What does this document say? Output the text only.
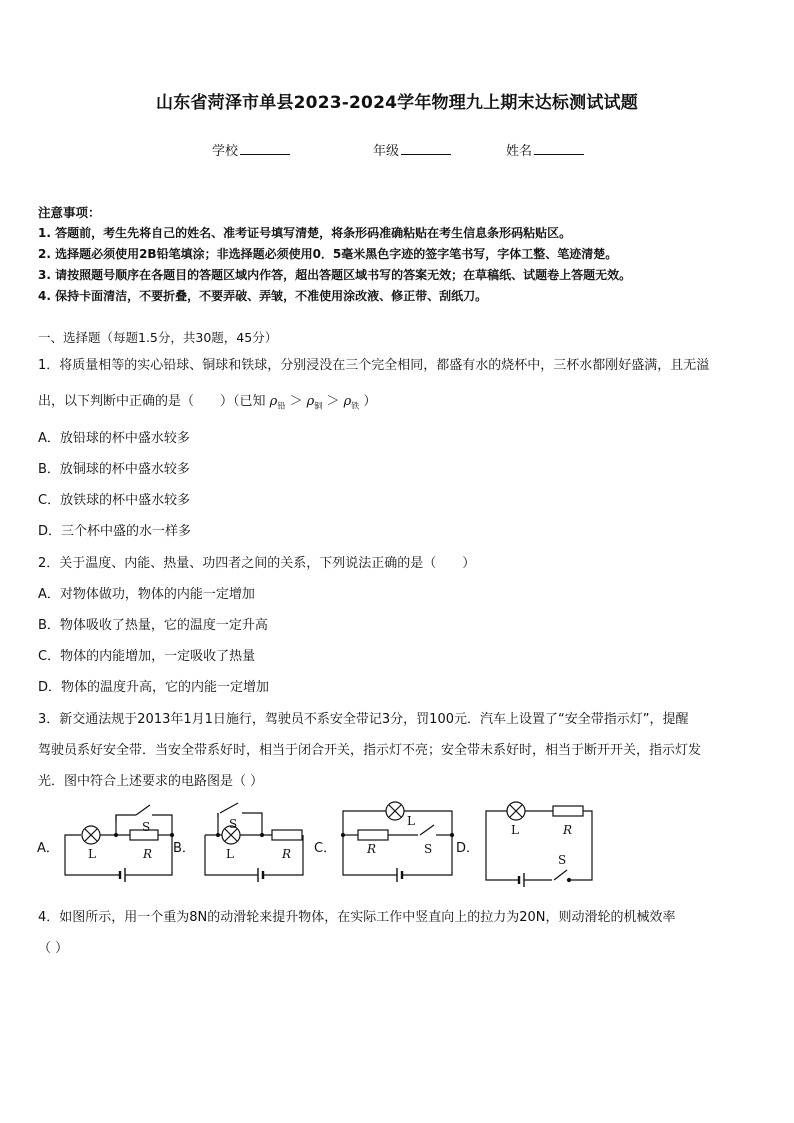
山东省菏泽市单县2023-2024学年物理九上期末达标测试试题
学校	年级	姓名
注意事项：
1. 答题前，考生先将自己的姓名、准考证号填写清楚，将条形码准确粘贴在考生信息条形码粘贴区。
2. 选择题必须使用2B铅笔填涂；非选择题必须使用0．5毫米黑色字迹的签字笔书写，字体工整、笔迹清楚。
3. 请按照题号顺序在各题目的答题区域内作答，超出答题区域书写的答案无效；在草稿纸、试题卷上答题无效。
4. 保持卡面清洁，不要折叠，不要弄破、弄皱，不准使用涂改液、修正带、刮纸刀。
一、选择题（每题1.5分，共30题，45分）
1．将质量相等的实心铅球、铜球和铁球，分别浸没在三个完全相同，都盛有水的烧杯中，三杯水都刚好盛满，且无溢
出，以下判断中正确的是（　　）（已知 $\rho_铅 > \rho_铜 > \rho_铁$ ）
A．放铅球的杯中盛水较多
B．放铜球的杯中盛水较多
C．放铁球的杯中盛水较多
D．三个杯中盛的水一样多
2．关于温度、内能、热量、功四者之间的关系，下列说法正确的是（　　）
A．对物体做功，物体的内能一定增加
B．物体吸收了热量，它的温度一定升高
C．物体的内能增加，一定吸收了热量
D．物体的温度升高，它的内能一定增加
3．新交通法规于2013年1月1日施行，驾驶员不系安全带记3分，罚100元．汽车上设置了“安全带指示灯”，提醒
驾驶员系好安全带．当安全带系好时，相当于闭合开关，指示灯不亮；安全带未系好时，相当于断开开关，指示灯发
光．图中符合上述要求的电路图是（ ）
A．	B．	C．	D．
L	R
S	S
L	R
L
R	S
L	R
S
4．如图所示，用一个重为8N的动滑轮来提升物体，在实际工作中竖直向上的拉力为20N，则动滑轮的机械效率
（ ）
